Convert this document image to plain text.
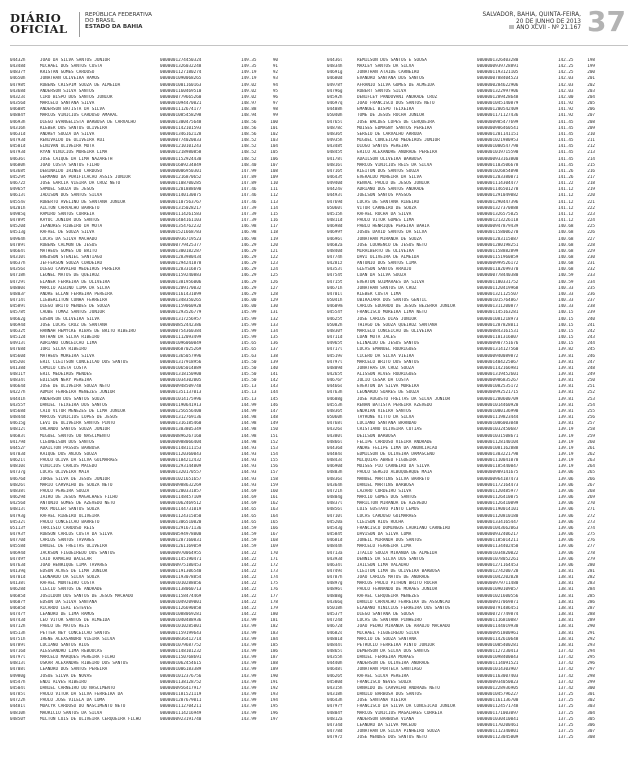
DIÁRIO
OFICIAL
REPÚBLICA FEDERATIVA
DO BRASIL
ESTADO DA BAHIA
SALVADOR, BAHIA, QUINTA-FEIRA,
20 DE JUNHO DE 2013
ANO XCVII - Nº 21.167 37
04432h	JOAO DA SILVA SANTOS JUNIOR	0000001274450324	149.35	90
04348d	MICHAEL DOS SANTOS COSTA	0000001326032248	149.35	91
04837f	KRISTAN GOMES CARDOSO	0000001127180274	149.19	92
04650h	JONATHAN OLIVEIRA RAMOS	0000001090068265	149.19	93
04798t	RUBENS CRISPIM SOUZA DE ALMEIDA	0000001001160163	149.02	94
04368d	ANDERSON SILVA SANTOS	0000001160469510	149.02	95
04323s	CIRO BISPO DOS SANTOS JUNIOR	0000000779665260	149.02	96
04356d	MARCELO SANTANA SILVA	0000001094470021	148.97	97
04608t	ANDERSON BATISTA DA SILVA	0000001112674177	148.88	98
04884f	MARCOS VINICIUS CARDOSO AMARAL	0000001085458298	148.94	99
04693h	DIEGO EVANGELISTA BARBOSA DE CARVALHO	0000001300475648	148.56	100
04316h	KLEBER DOS SANTOS OLIVEIRA	0000001142101593	148.56	101
04631d	ANDREY SOUZA DA SILVA	0000001346162128	148.56	102
04793d	RENIVALDO DE OLIVEIRA RUI	0000000774020033	148.52	103
04501d	ELNIVAN OLIVEIRA MOTA	0000001210101243	148.52	104
04793d	RYAN VINICIUS MOREIRA LIMA	0000001218980858	148.52	105
04636l	JOSE CAIQUE DA LIMA NAZARETH	0000001152924430	148.52	106
04680h	JOAO COSTA SANTOS FILHO	0000001609234849	148.40	107
04368t	DEBINALDO IRINEU CARDOSO	0000000006950301	147.99	108
04529t	GERMANO DA PURIFICACAO ASSIS JUNIOR	0000001216870652	147.89	109
04672z	JOSE GARCIA VIEIRA DA CRUZ NETO	0000001108700285	147.89	110
04965f	SAMUEL SOUZA DE JESUS	0000001201888690	147.46	111
04613l	JADISON DOS SANTOS SILVA	0000001140130075	147.46	112
04554v	ROBERTO AVELINO DE SANTANA JUNIOR	0000001107563767	147.46	113
04201h	AILTON CARVALHO BARRETO	0000001315028217	147.39	114
04985q	RAMIRO SANTOS CORREIA	0000001114261583	147.39	115
04789t	KAYUC JUNIOR DOS SANTOS	0000001404161103	147.39	116
04520d	JEANDRES RIBEIRO DA MOTA	0000001354762232	146.98	117
04513g	RAFAEL DE SOUZA SILVA	0000001521668783	146.98	118
04964h	LUCAS DA SILVA MACHADO	0000000936719523	146.98	119
04789l	RUBENS CALMON DE JESUS	0000000779425377	146.29	120
04664l	MATHEUS GOMES DO BRITO	0000001300182287	146.29	121
04310l	BREDSON STENIEL SANTIAGO	0000001283980434	146.29	122
04637h	JEFFERSON SOUZA CORDEIRO	0000001294241878	146.29	123
04356s	DIEGO CARVALHO MEDEIROS PEREIRA	0000001283316875	146.29	124
04718h	LEONEL MATOS DE QUEIROZ	0000001159240883	146.29	125
04729l	ELANER FERREIRA DE OLIVEIRA	0000001381956006	146.29	126
04800s	MARCIO ALBINO LIMA DA SILVA	0000001209170032	146.29	127
04803r	ANDRE ELLAN FERREIRA PEREIRA	0000001161431099	146.29	128
04714l	LIEBERLITON CUNHA FERREIRA	0000001348350265	146.00	129
04589l	DIEGO BRITO MENDES DE SOUZA	0000001159060928	146.00	130
04578t	CAUBE TOMAZ SANTOS JUNIOR	0000001293526779	145.99	131
04662g	EDSON DE OLIVEIRA SILVA	0000001317256957	145.99	132
04694d	JOSE LUCAS CRUZ DE SANTANA	0000000852442386	145.99	133
04632t	HANNAH HEMYCKE RIBAS DE BRITO RIBEIRO	0000000754360384	145.99	134
04512d	NATHAN DA SILVA RIBEIRO	0000001112093499	145.99	135
04913l	ADRIANO CONCEICAO LIMA	0000001096060049	145.65	136
04768d	IURI SILVA RIBEIRO	0000000687025269	145.65	137
04560d	MATHEUS MOREIRA SILVA	0000001365057996	145.63	138
04520s	ERIC CLEITSON CONCEICAO DOS SANTOS	0000001317918956	145.50	139
04138d	CAMILO COSTA COSTA	0000001065014889	145.50	140
04811f	ERIC MEDEIROS MENDES	0000001318150900	145.50	141
04834l	EDILSON NERY PEREIRA	0000001034302005	145.50	142
04664d	JOSE DE OLIVEIRA SOUZA NETO	0000000948509748	145.13	143
04227h	ADMIR FERREIRA MENEZES JUNIOR	0000001351137013	145.13	144
04441h	ANDERSON DOS SANTOS SOUZA	0000001014175996	145.13	145
04355f	DANIEL TEIXEIRA DOS SANTOS	0000001190641913	144.99	146
04568d	CAIO VITOR MENEZES DE LIMA JUNIOR	0000001256556400	144.99	147
04844d	MARCOS VINICIUS LOPES DE JESUS	0000001312769136	144.98	148
04615g	LEVI DE OLIVEIRA SANTOS PINTO	0000001316185460	144.98	149
04812l	ORLANDO SANTOS SOUZA JUNIOR	0000001303805349	144.98	150
04683l	MIGUEL SANTOS DO NASCIMENTO	0000000896267160	144.98	151
04179d	CLEONELSON DOS SANTOS	0000000988066404	144.98	152
04452r	ADAILTON PASSOS BARBOSA	0000001148111153	144.93	153
04703d	KAIQUE DOS ANJOS SOUZA	0000001120360043	144.93	154
04621l	PAULO OLIVA DA SILVA GUIMARAES	0000001184212432	144.93	155
04810s	VINICIUS CARLOS MACEDO	0000001293144009	144.93	156
04737g	LUCAS OLIVEIRA MAIA	0000001320170557	144.93	157
04676d	JORGE SILVA DE JESUS JUNIOR	0000001021651657	144.93	158
04826l	MARIO CARVALHO DE SOUZA NETO	0000000988632269	144.93	159
04838l	PAULO PEREIRA SOUZA	0000001200331857	144.69	160
04629d	JAIRO DE JESUS MAGALHAES FILHO	0000001148457109	144.69	161
04256d	ANTONIO GOMES DE AZEVEDO NETO	0000001062469512	144.69	162
04813l	MAX MOLLER SANTOS SOUZA	0000001144731019	144.65	163
04793g	RAFAEL RIBEIRO OLIVEIRA	0000001124315050	144.65	164
04532l	PAULO CONCEICAO BARRETO	0000001306510020	144.65	165
05113f	TARCISIO CARDOSO REIS	0000001291671136	144.59	166
04793f	ROBSON CARLOS COSTA DA SILVA	0000000594978000	144.59	167
04770d	CARLOS SANTOS TAVARES	0000001287160031	144.59	168
04558d	DANIEL DE FREITAS OLIVEIRA	0000001261169059	144.59	169
04694d	JACKSON FIGUEIREDO DOS SANTOS	0000000970064955	144.22	170
04749f	CAIO RAMALHO BACELAR	0000001145190471	144.22	171
04763d	JOAO HENRIQUE LIMA TAVARES	0000000975180453	144.22	172
04139q	EDSON ALVES DE LIMA JUNIOR	0000001191306540	144.22	173
04701d	LEONARDO DA SILVA SOUZA	0000001193078854	144.22	174
04138l	RAFAEL MONTEIRO COSTA	0000001010288056	144.22	175
04628d	CLECIO SANTOS DE ANDRADE	0000001138060713	144.22	176
04685d	JOSILDON DOS SANTOS DE JESUS MACHADO	0000001158474469	144.22	177
04607f	EDSON DA SILVA SANTANA	0000001049209001	144.22	178
04685d	RICARDO LEAL ESTEVES	0000001126690858	144.22	179
04747f	LEANDRO DE LIMA RAMOS	0000001088069281	144.22	180
04743d	LEO VITOR SANTOS DE ALMEIDA	0000001040488936	143.99	181
04712h	PABLO DE MATOS REIS	0000001010285001	143.99	182
04513h	PETTER NEY CONCEICAO SANTOS	0000001159199643	143.99	183
04751h	IRENE ALEXSANDRO VIEIRA SILVA	0000000836412714	143.99	184
04789l	LUCIANO SANTOS RIOS	0000001079687752	143.99	185
04716d	ALESSANDRO LIMA REBOUCAS	0000001148101232	143.99	186
04797l	MARCELO MARQUES PEREIRA FILHO	0000001150768691	143.99	187
04813l	OSKAR ALEXANDRE RIBEIRO DOS SANTOS	0000001062454615	143.99	188
04708l	LEANDRO DOS SANTOS PEREIRA	0000001006183389	143.99	189
04980g	JOSUE SILVA DE NOVAS	0000001012376756	143.99	190
04547h	ENDI ALVES RIBEIRO	0000001138128752	143.99	191
04504l	DANIEL CARNEIRO DO NASCIMENTO	0000000956417917	143.99	192
04785l	PAULO VITOR DA SILVA FERREIRA DA	0000001181521119	143.99	193
04722h	PAULO JOSE VILELA DA LOMA	0000001287679011	143.99	194
04481l	MOACYR CARDOSO DO NASCIMENTO NETO	0000001112704211	143.99	195
04810h	MAURICIO SANTOS DA SILVA	0000001114216949	143.99	196
04850f	MILTON LUIS DE OLIVEIRA CERQUEIRA FILHO	0000000923191740	143.99	197
04436l	REMILSON DOS SANTOS E SOUSA	0000001326403280	142.25	198
04834h	MAXLEY SANTOS DA SILVA	0000000939728891	142.25	199
04691g	JONATHAN ATAIDE CARNEIRO	0000001193121105	142.25	200
04680d	EVANDRO SANTANA DOS SANTOS	0000000788404523	142.03	201
04978f	AFRANIO SILVA GOMES DE ALMEIDA	0000000284622906	142.03	202
04796g	ROBERT SANTOS SILVA	0000001322997906	142.03	203
04592h	DENIFLEY PANDOVANI ANDRADE CRUZ	0000001289428648	142.00	204
04697q	JOAO FRANCISCO DOS SANTOS NETO	0000001045140879	141.92	205
04408h	EMANUEL BISPO TEIXEIRA	0000001200542409	141.92	206
05040h	TOME DE JESUS ROCHA JUNIOR	0000001171127436	141.92	207
04765l	JOSE WALDES LOPES DE CERQUEIRA	0000000985477699	141.45	208
04878c	MOISES EDMAGNY SANTOS PEREIRA	0000000986460541	141.45	209
04836t	SERGIO DE CARVALHO ARRUDA	0000001201141151	141.45	210
04935h	MIGUEL CONCEICAO MEDEIROS JUNIOR	0000001021980953	141.45	211
04348t	DIOGO SANTOS PEREIRA	0000001000547790	141.45	212
04845t	ERICO ALEXANDRE ANDRADE PEREIRA	0000001019715590	141.45	213
04178l	ADAILSON OLIVEIRA BARBOSA	0000000933163800	141.45	214
04816l	MARCOS VINICIUS REIS DA SILVA	0000001103506678	141.45	215
04716t	KLEITON DOS SANTOS SOUZA	0000001026854098	141.26	216
04643t	EVERALDO MOREIRA DA SILVA	0000001203380071	141.26	217
04940d	RENVAL PAULO DE JESUS JUNIOR	0000001114304477	141.22	218
04424v	ADRIANO DOS SANTOS ANDRADE	0000001146501278	141.12	219
04493l	JOELSON SANTOS PASSOS	0000001291049082	141.12	220
04769d	LUCAS DE SANTANA RIBEIRO	0000001290447396	141.12	221
05060l	VITOR CARNEIRO DE SOUZA	0000001327370888	141.12	222
04515h	RAFAEL ROCHA DA SILVA	0000001326575025	141.12	223
04811d	PAULO VITOR GOMES LIMA	0000001213226118	141.12	224
04698d	PABLO HENRIQUE PEREIRA BAHIA	0000000947879439	140.68	225
04699f	JOSUE DAVID SANTOS DA SILVA	0000001158006270	140.68	226
04696l	JONATHAN MIRANDA DE SOUZA	0000001283115087	140.68	227
04682a	JOSE LOURENCO DE JESUS NETO	0000001280198251	140.68	228
04840d	MIRALBERTO DE OLIVEIRA	0000001158882899	140.68	229
04774h	DAVI OLIVEIRA DE ALMEIDA	0000001151960859	140.68	230
04281z	ANTONIO DOS SANTOS LIMA	0000000999526172	140.68	231
04353l	GLEYSON SANTOS ARAUJO	0000001102699370	140.68	232
04754t	LUAN DA SILVA SOUZA	0000000778440380	140.59	233
04715t	EVERTON GUIMARAES DA SILVA	0000001100331752	140.59	234
04671h	JONATHAN SANTOS DA CRUZ	0000001120419968	140.33	235
04701l	KLEBER COSTA LIMA	0000001321125507	140.33	236
05041h	UBIRAJARA DOS SANTOS GENTIL	0000001015764867	140.33	237
04609m	CARLOS EDUARDO DE JESUS BEZERRA JUNIOR	0000001311200877	140.33	238
04554f	FRANCISCO MOREIRA LIMA NETO	0000001145163281	140.15	239
04625t	JOSE CARLOS DIAS JUNIOR	0000001081218973	140.15	240
05082h	THIAGO DE SOUZA QUEIROZ SANTANA	0000001287828011	140.15	241
04830f	MARCELO CONCEICAO DE OLIVEIRA	0000000843161531	140.15	242
04711d	LUAN MOTA JALES	0000001101316007	140.15	243
04965t	ELINALDO DE JESUS SANTOS	0000000907751676	140.15	244
04717l	LUCAS EMANUEL RODRIGUES	0000001314127560	139.82	245
04519v	CICERO DA SILVA VIEIRA	0000000940089872	139.81	246
04797l	MARCELO BRITO DOS SANTOS	0000001404225067	139.81	247
04809d	JONATHAS DA CRUZ SOUZA	0000001142166981	139.81	248
04265t	ALISSON ALVES RODRIGUES	0000001319452601	139.81	249
04676r	JULIO CESAR DA COSTA	0000000986835267	139.81	250
04466s	EVERTON DA SILVA MOREIRA	0000001082535172	139.81	251
04763h	LEONARDO SOARES DE SOUZA	0000000992521715	139.81	252
04608g	JOSE AUGUSTO FREITAS DA SILVA JUNIOR	0000001280600709	139.81	253
04553h	RENAN BATISTA PEREIRA AZEVEDO	0000001014460920	139.81	254
04836t	ENDRIAN VIEIRA SANTOS	0000001000136990	139.81	255
05060h	TAYRONE VITTO DA SILVA	0000001119823444	139.81	256
04768l	LUCIANO SANTANA BRANDAO	0000001006003048	139.81	257
04326s	CRISTIANO OLIVEIRA CUTIAS	0000001032450687	139.19	258
04380l	DEILSON BARBOSA	0000001031508671	139.19	259
04866l	FELIPE CARDOSO VIEIRA ANDRADE	0000001128140104	139.19	260
04436d	ANDRE FELIPE LIMA DA ANUNCIACAO	0000001081162888	139.19	261
04484s	EDMILSON DE OLIVEIRA DAMASCENO	0000001303221798	139.19	262
04843s	MILQUIAS ABREU FIGUEIRA	0000001110041070	139.19	263
04690d	MOISES PIO CARNEIRO DA SILVA	0000001185440047	139.19	264
04803h	PAULO SERGIO ALBUQUERQUE MAIA	0000000909141675	139.06	265
04836s	MANOEL MARTINS SILVA BARRETO	0000000964187473	139.06	266
04364h	DANIEL MARTINS BARBOSA	0000001172164473	139.06	267
04721h	LAZARO CORDEIRO SILVA	0000001120485977	139.06	268
04804g	MARCIO GOMES DOS SANTOS	0000001126410075	139.06	269
04837l	MARILTON MIRANDA DE AZEVEDO	0000001126410099	139.06	270
04856l	LUIS GUSTAVO PINTO LEMOS	0000001190014101	139.06	271
04710l	LUCAS CARDOSO GUIMARAES	0000001120810180	139.06	272
04520a	CLEISON RIOS ROCHA	0000001334165447	139.06	273
04543g	FRANCISCO DOMINGOS LAURIANO CARNEIRO	0000001043662063	139.06	274
04584t	DAVISON DA SILVA LOMA	0000000932406217	139.06	275
04681d	JONEIL MIRANDA DOS SANTOS	0000001185014211	139.06	276
04844h	MARCELO FERREIRA LIMA	0000001134402450	139.06	277
04713a	ITALLO SOUZA MIRANDA DE ALMEIDA	0000001034820022	139.06	278
04393d	DENNIS DA SILVA DOS SANTOS	0000001078052261	139.06	279
04634l	JAILSON LIMA VALADAO	0000001271164453	139.06	280
04749s	CLEITON LIMA DE OLIVEIRA BARBOSA	0000001274200720	138.81	281
04787h	JOAO CARLOS MATOS DE ANDRADE	0000001042202028	138.81	282
04897g	MARCOS PAULO PITHON BRITO ROCHA	0000000979711480	138.81	283
04896l	PAULO FERNANDO DE MORAES JUNIOR	0000001090109057	138.81	284
04808g	RAFAEL CERQUEIRA MENEZES	0000001021600556	138.81	285
04366q	DANILO CARVALHO FERREIRA DE ASSUNCAO	0000000917069871	138.81	286
05018h	ELABANO VINICIUS FERREIRA DOS SANTOS	0000000791486451	138.81	287
04537f	DIEGO SANTANA DE SOUSA	0000000727749874	138.81	288
04724d	LUCAS DE SANTANA PINHEIRO	0000001116810087	138.81	289
04672d	JOAO PEDRO MIRANDA DE ARAUJO MACHADO	0000001144019930	138.81	290
04682s	MICHAEL FIGUEIREDO SILVA	0000000951800961	138.81	291
04801d	MARCIO DE SOUZA SANTANA	0000001142610648	138.81	292
04844l	PETRUCIO FERREIRA PINTO JUNIOR	0000001005400281	138.81	293
04865l	DEMERSON DA SILVA DOS SANTOS	0000001127230413	137.42	294
04355h	DANIEL FERREIRA MORAES	0000001098400043	137.42	295
04440h	ANDERSON DE OLIVEIRA ANDRADE	0000001114091521	137.42	296
04648l	JONATHAN PORTELA SANTIAGO	0000001014303907	137.42	297
04626t	RAFAEL SILVA PEREIRA	0000001163007403	137.42	298
04580d	FRANCISCO NEVES SOUZA	0000000934050023	137.42	299
04315h	ORNALDO DE CARVALHO ANDRADE NETO	0000001228936905	137.42	300
04318h	DANILO BARBOSA DOS SANTOS	0000001045796227	137.25	301
04643h	JOSE SANTANA VIEIRA	0000001161136700	137.25	302
04797f	FRANCISCO DA SILVA DA CONCEICAO JUNIOR	0000001124571748	137.25	303
04804f	MARCOS VINICIUS MAGALHAES CORREIA	0000001171003097	137.25	304
04812a	ANDERSON BARBOSA VIANA	0000001030410041	137.25	305
04734d	LEANDRO DA SILVA MACEDO	0000001170200461	137.25	306
04778d	JONATHAN DA SILVA PINHEIRO SOUZA	0000001112340801	137.25	307
04797z	JOSE MENDES DOS SANTOS NETO	0000001123045009	137.25	308
